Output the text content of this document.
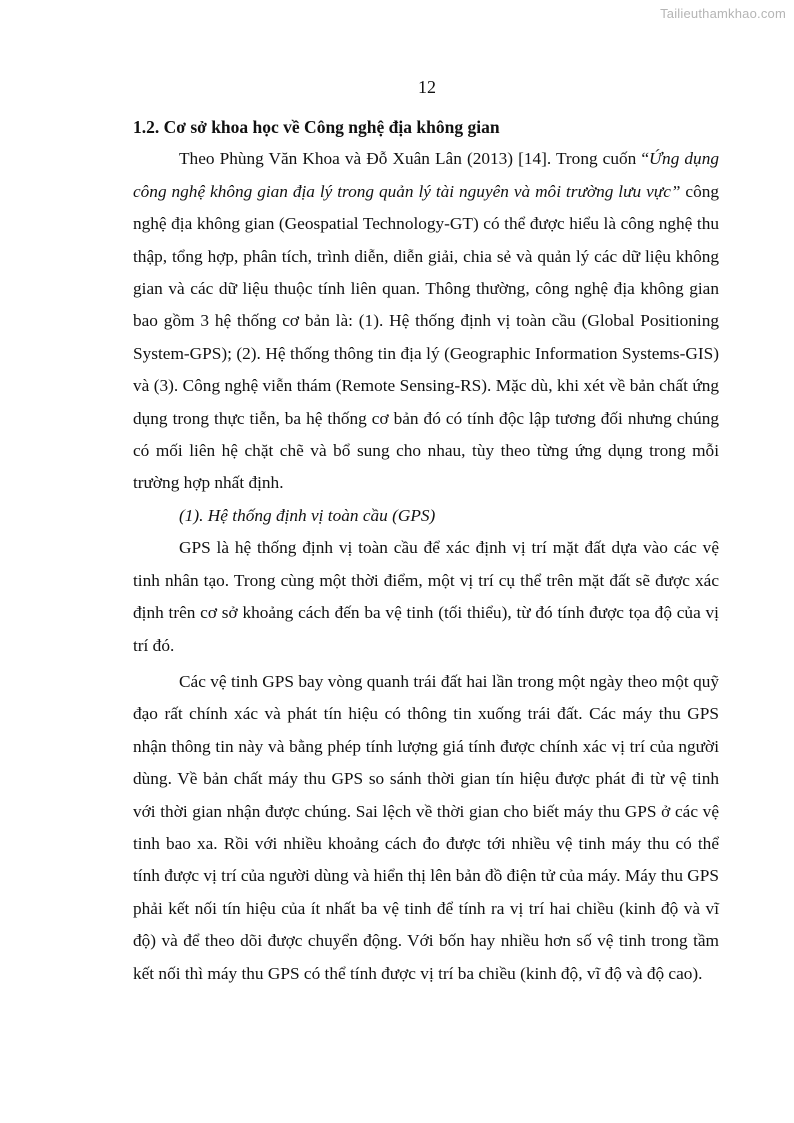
Tailieuthamkhao.com
12
1.2. Cơ sở khoa học về Công nghệ địa không gian

Theo Phùng Văn Khoa và Đỗ Xuân Lân (2013) [14]. Trong cuốn “Ứng dụng công nghệ không gian địa lý trong quản lý tài nguyên và môi trường lưu vực” công nghệ địa không gian (Geospatial Technology-GT) có thể được hiểu là công nghệ thu thập, tổng hợp, phân tích, trình diễn, diễn giải, chia sẻ và quản lý các dữ liệu không gian và các dữ liệu thuộc tính liên quan. Thông thường, công nghệ địa không gian bao gồm 3 hệ thống cơ bản là: (1). Hệ thống định vị toàn cầu (Global Positioning System-GPS); (2). Hệ thống thông tin địa lý (Geographic Information Systems-GIS) và (3). Công nghệ viễn thám (Remote Sensing-RS). Mặc dù, khi xét về bản chất ứng dụng trong thực tiễn, ba hệ thống cơ bản đó có tính độc lập tương đối nhưng chúng có mối liên hệ chặt chẽ và bổ sung cho nhau, tùy theo từng ứng dụng trong mỗi trường hợp nhất định.

(1). Hệ thống định vị toàn cầu (GPS)

GPS là hệ thống định vị toàn cầu để xác định vị trí mặt đất dựa vào các vệ tinh nhân tạo. Trong cùng một thời điểm, một vị trí cụ thể trên mặt đất sẽ được xác định trên cơ sở khoảng cách đến ba vệ tinh (tối thiểu), từ đó tính được tọa độ của vị trí đó.

Các vệ tinh GPS bay vòng quanh trái đất hai lần trong một ngày theo một quỹ đạo rất chính xác và phát tín hiệu có thông tin xuống trái đất. Các máy thu GPS nhận thông tin này và bằng phép tính lượng giá tính được chính xác vị trí của người dùng. Về bản chất máy thu GPS so sánh thời gian tín hiệu được phát đi từ vệ tinh với thời gian nhận được chúng. Sai lệch về thời gian cho biết máy thu GPS ở các vệ tinh bao xa. Rồi với nhiều khoảng cách đo được tới nhiều vệ tinh máy thu có thể tính được vị trí của người dùng và hiển thị lên bản đồ điện tử của máy. Máy thu GPS phải kết nối tín hiệu của ít nhất ba vệ tinh để tính ra vị trí hai chiều (kinh độ và vĩ độ) và để theo dõi được chuyển động. Với bốn hay nhiều hơn số vệ tinh trong tầm kết nối thì máy thu GPS có thể tính được vị trí ba chiều (kinh độ, vĩ độ và độ cao).
